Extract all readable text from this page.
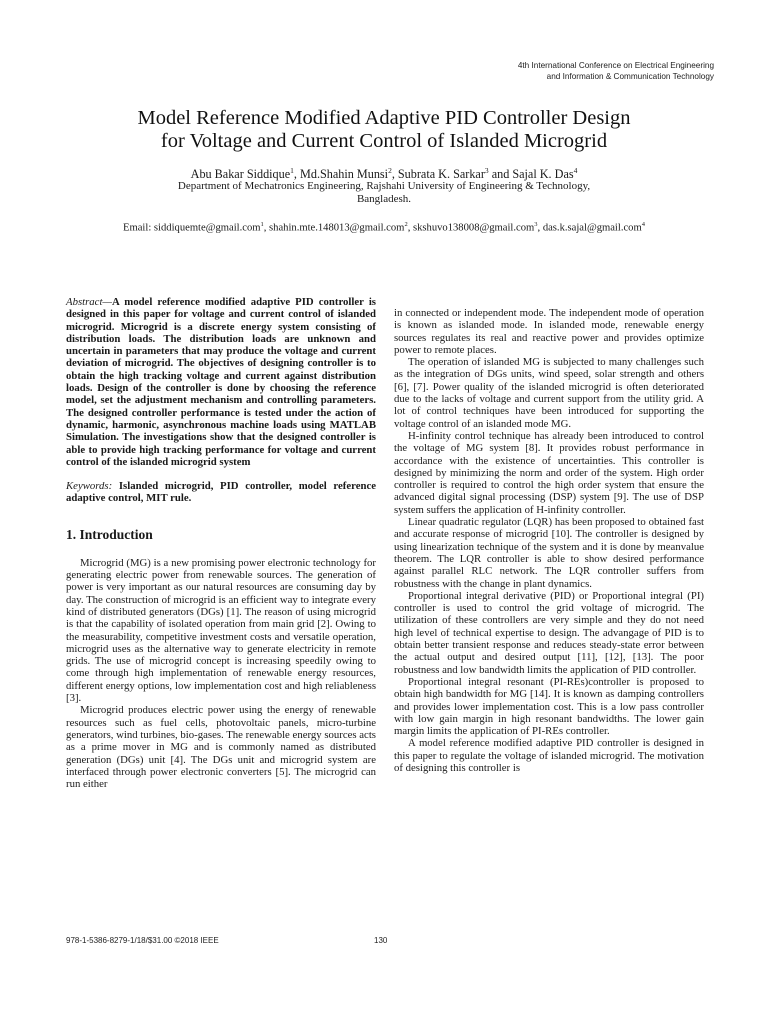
4th International Conference on Electrical Engineering
and Information & Communication Technology
Model Reference Modified Adaptive PID Controller Design
for Voltage and Current Control of Islanded Microgrid
Abu Bakar Siddique$^1$, Md.Shahin Munsi$^2$, Subrata K. Sarkar$^3$ and Sajal K. Das$^4$
Department of Mechatronics Engineering, Rajshahi University of Engineering & Technology,
Bangladesh.
Email: siddiquemte@gmail.com$^1$, shahin.mte.148013@gmail.com$^2$, skshuvo138008@gmail.com$^3$, das.k.sajal@gmail.com$^4$
Abstract—A model reference modified adaptive PID controller is designed in this paper for voltage and current control of islanded microgrid. Microgrid is a discrete energy system consisting of distribution loads. The distribution loads are unknown and uncertain in parameters that may produce the voltage and current deviation of microgrid. The objectives of designing controller is to obtain the high tracking voltage and current against distribution loads. Design of the controller is done by choosing the reference model, set the adjustment mechanism and controlling parameters. The designed controller performance is tested under the action of dynamic, harmonic, asynchronous machine loads using MATLAB Simulation. The investigations show that the designed controller is able to provide high tracking performance for voltage and current control of the islanded microgrid system
Keywords: Islanded microgrid, PID controller, model reference adaptive control, MIT rule.
1. Introduction

Microgrid (MG) is a new promising power electronic technology for generating electric power from renewable sources. The generation of power is very important as our natural resources are consuming day by day. The construction of microgrid is an efficient way to integrate every kind of distributed generators (DGs) [1]. The reason of using microgrid is that the capability of isolated operation from main grid [2]. Owing to the measurability, competitive investment costs and versatile operation, microgrid uses as the alternative way to generate electricity in remote grids. The use of microgrid concept is increasing speedily owing to come through high implementation of renewable energy resources, different energy options, low implementation cost and high reliableness [3].

Microgrid produces electric power using the energy of renewable resources such as fuel cells, photovoltaic panels, micro-turbine generators, wind turbines, bio-gases. The renewable energy sources acts as a prime mover in MG and is commonly named as distributed generation (DGs) unit [4]. The DGs unit and microgrid system are interfaced through power electronic converters [5]. The microgrid can run either

in connected or independent mode. The independent mode of operation is known as islanded mode. In islanded mode, renewable energy sources regulates its real and reactive power and provides optimize power to remote places.

The operation of islanded MG is subjected to many challenges such as the integration of DGs units, wind speed, solar strength and others [6], [7]. Power quality of the islanded microgrid is often deteriorated due to the lacks of voltage and current support from the utility grid. A lot of control techniques have been introduced for supporting the voltage control of an islanded mode MG.

H-infinity control technique has already been introduced to control the voltage of MG system [8]. It provides robust performance in accordance with the existence of uncertainties. This controller is designed by minimizing the norm and order of the system. High order controller is required to control the high order system that ensure the advanced digital signal processing (DSP) system [9]. The use of DSP system suffers the application of H-infinity controller.

Linear quadratic regulator (LQR) has been proposed to obtained fast and accurate response of microgrid [10]. The controller is designed by using linearization technique of the system and it is done by meanvalue theorem. The LQR controller is able to show desired performance against parallel RLC network. The LQR controller suffers from robustness with the change in plant dynamics.

Proportional integral derivative (PID) or Proportional integral (PI) controller is used to control the grid voltage of microgrid. The utilization of these controllers are very simple and they do not need high level of technical expertise to design. The advangage of PID is to obtain better transient response and reduces steady-state error between the actual output and desired output [11], [12], [13]. The poor robustness and low bandwidth limits the application of PID controller.

Proportional integral resonant (PI-REs)controller is proposed to obtain high bandwidth for MG [14]. It is known as damping controllers and provides lower implementation cost. This is a low pass controller with low gain margin in high resonant bandwidths. The lower gain margin limits the application of PI-REs controller.

A model reference modified adaptive PID controller is designed in this paper to regulate the voltage of islanded microgrid. The motivation of designing this controller is

978-1-5386-8279-1/18/$31.00 ©2018 IEEE	130
